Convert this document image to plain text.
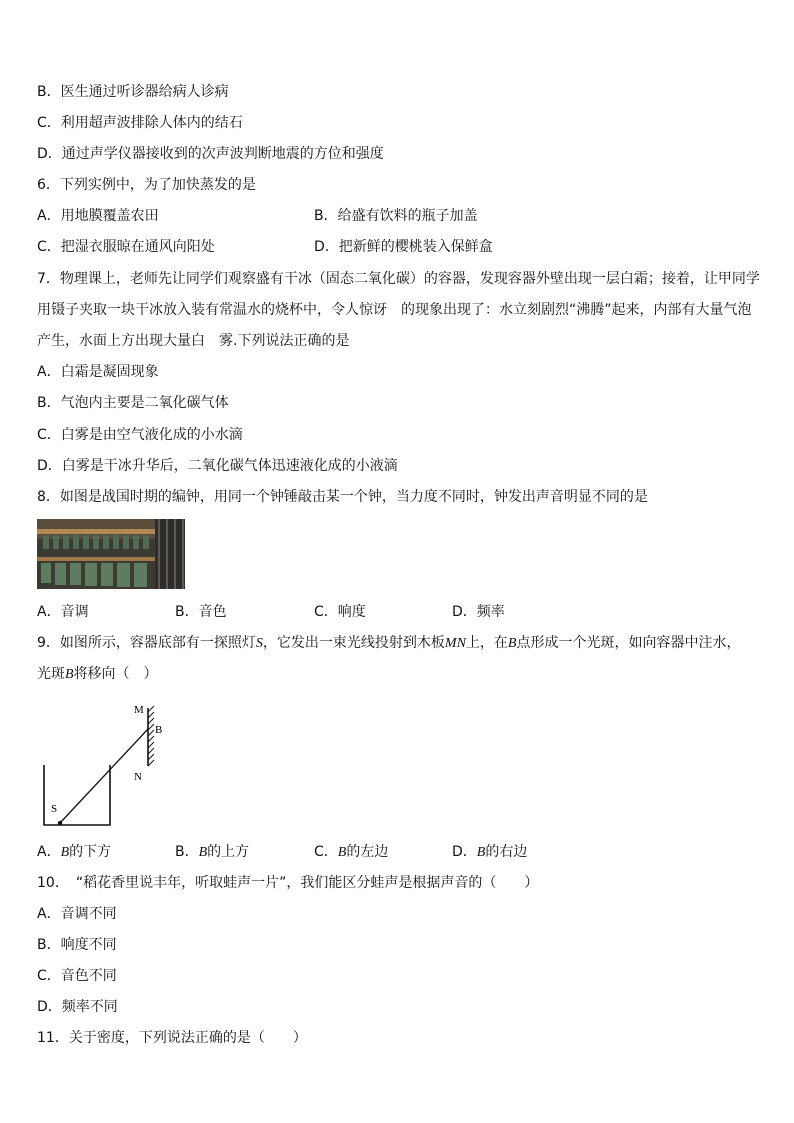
B．医生通过听诊器给病人诊病
C．利用超声波排除人体内的结石
D．通过声学仪器接收到的次声波判断地震的方位和强度
6．下列实例中，为了加快蒸发的是
A．用地膜覆盖农田	B．给盛有饮料的瓶子加盖
C．把湿衣服晾在通风向阳处	D．把新鲜的樱桃装入保鲜盒
7．物理课上，老师先让同学们观察盛有干冰（固态二氧化碳）的容器，发现容器外壁出现一层白霜；接着，让甲同学
用镊子夹取一块干冰放入装有常温水的烧杯中，令人惊讶　的现象出现了：水立刻剧烈“沸腾”起来，内部有大量气泡
产生，水面上方出现大量白　雾.下列说法正确的是
A．白霜是凝固现象
B．气泡内主要是二氧化碳气体
C．白雾是由空气液化成的小水滴
D．白雾是干冰升华后，二氧化碳气体迅速液化成的小液滴
8．如图是战国时期的编钟，用同一个钟锤敲击某一个钟，当力度不同时，钟发出声音明显不同的是
A．音调	B．音色	C．响度	D．频率
9．如图所示，容器底部有一探照灯S，它发出一束光线投射到木板MN上，在B点形成一个光斑，如向容器中注水，
光斑B将移向（　）
M
B
N
S
A．B的下方	B．B的上方	C．B的左边	D．B的右边
10．　“稻花香里说丰年，听取蛙声一片”，我们能区分蛙声是根据声音的（　　）
A．音调不同
B．响度不同
C．音色不同
D．频率不同
11．关于密度，下列说法正确的是（　　）
